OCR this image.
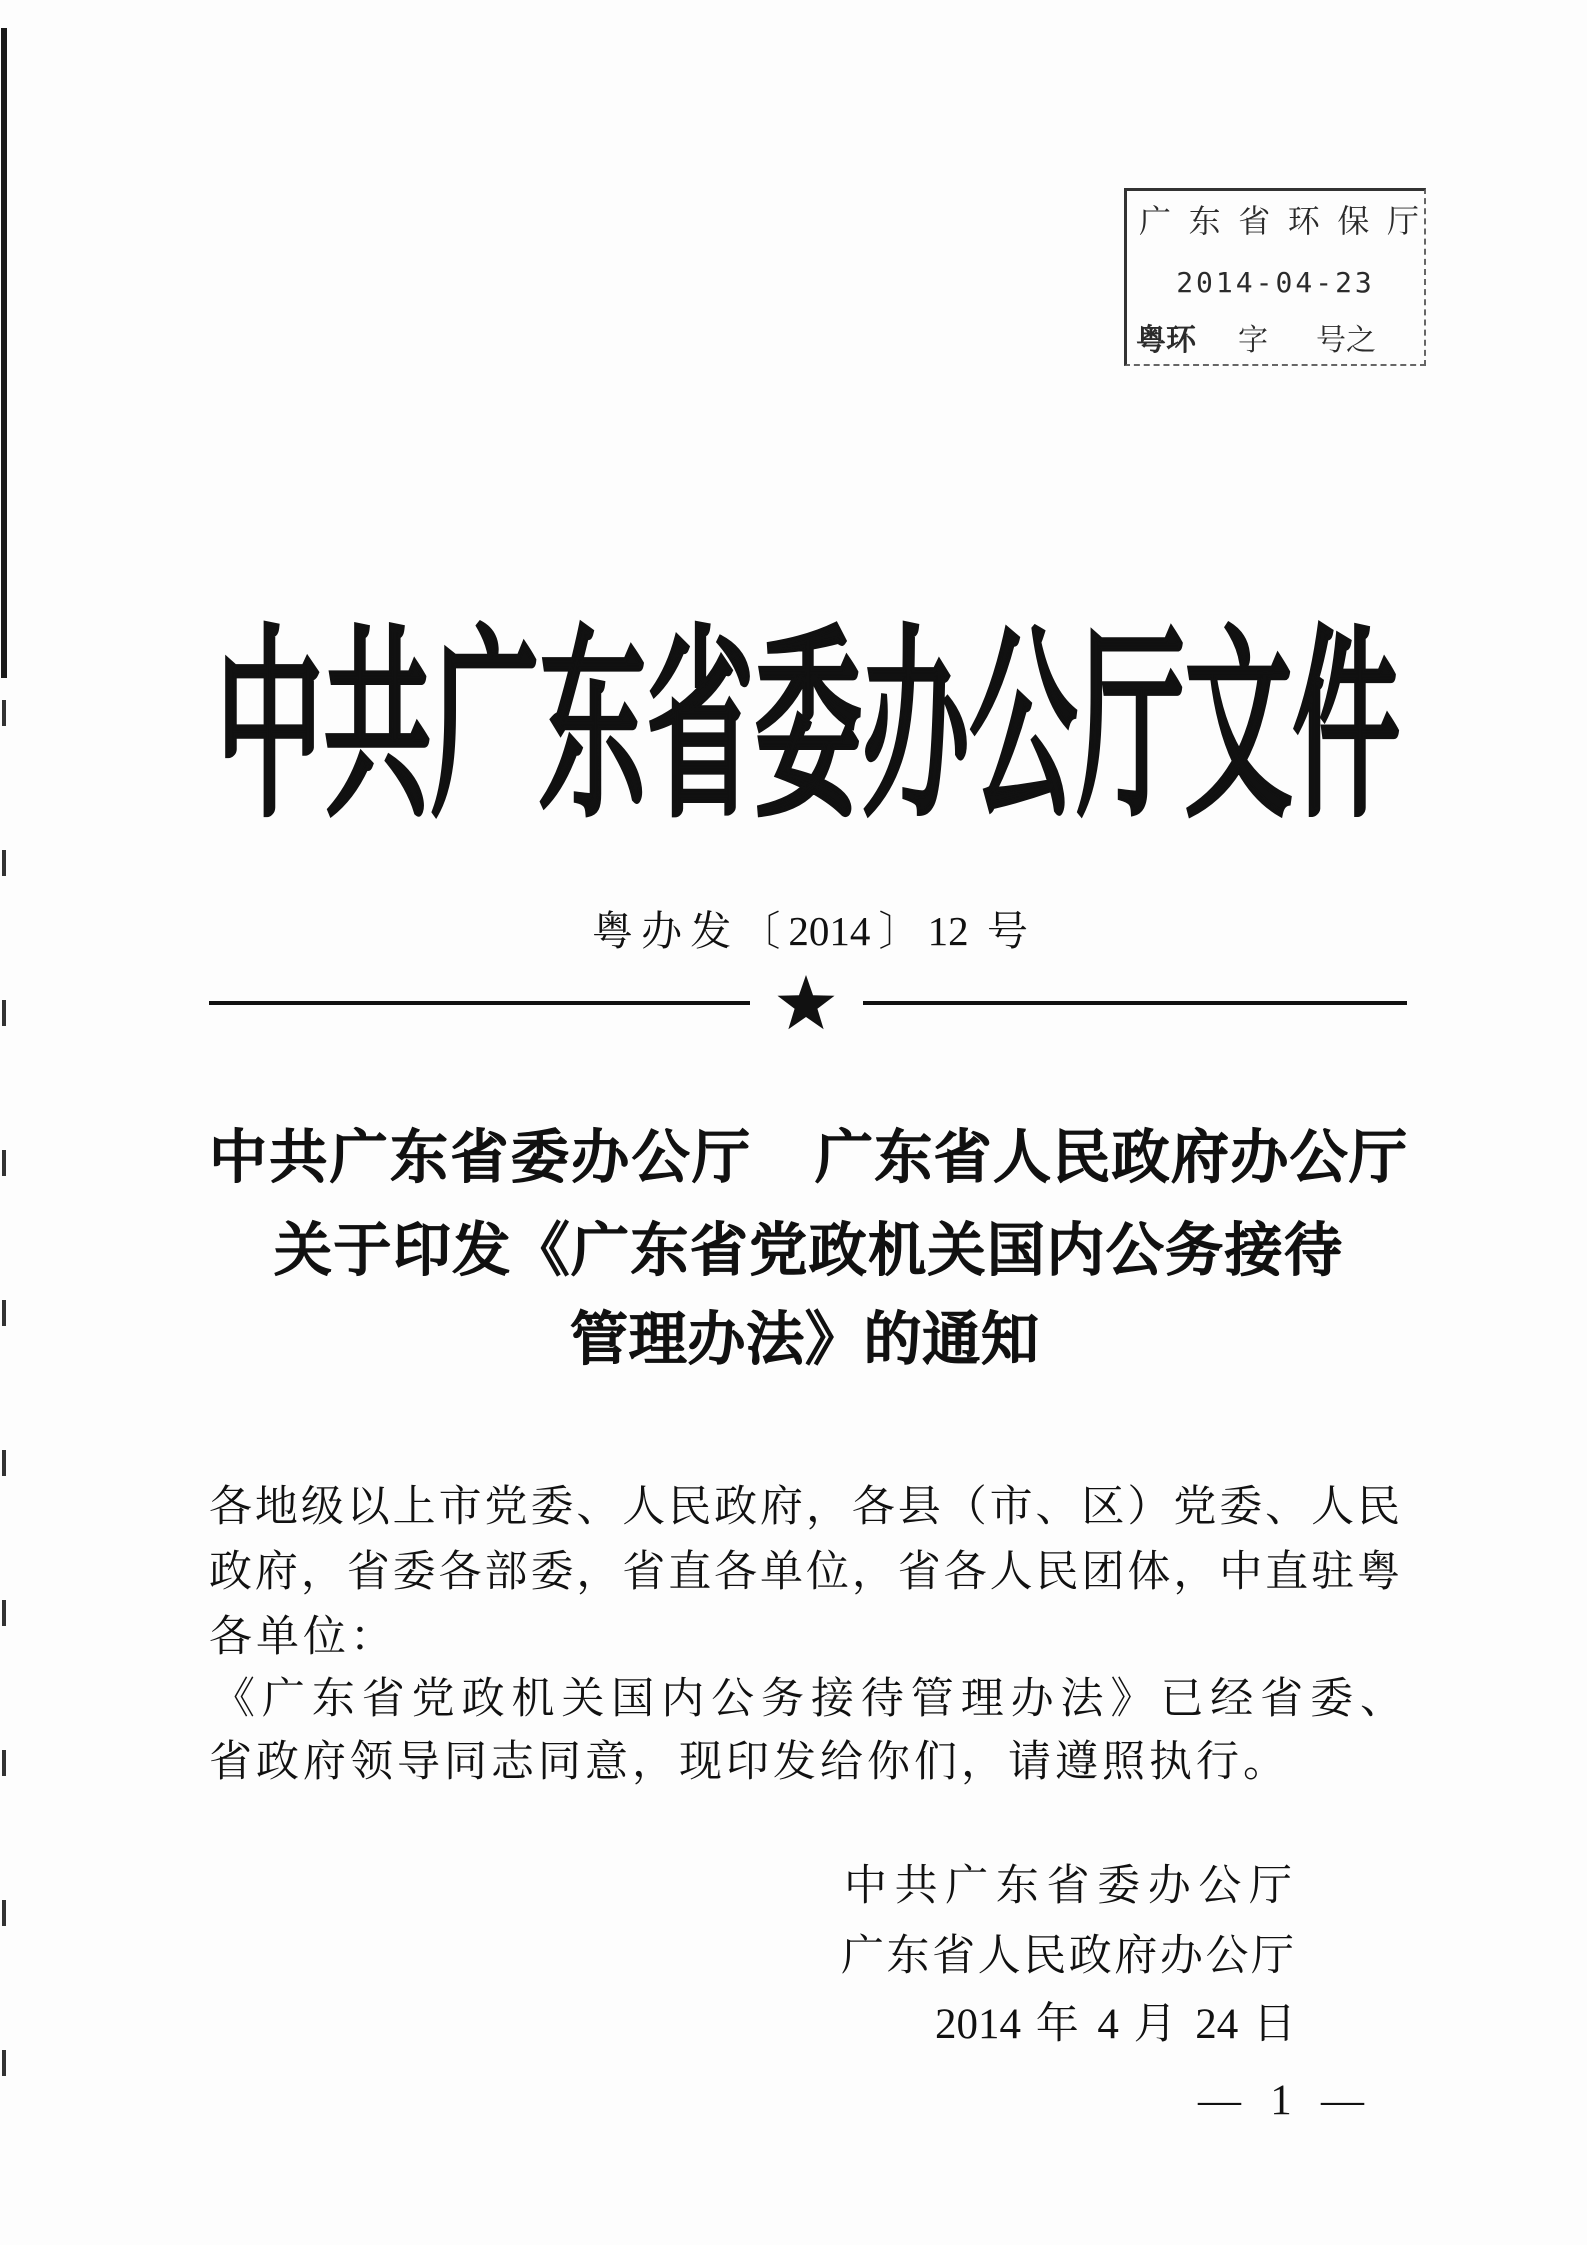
广东省环保厅
2014-04-23
粤环 字 号之
中共广东省委办公厅文件
粤办发〔2014〕12 号
中共广东省委办公厅 广东省人民政府办公厅
关于印发《广东省党政机关国内公务接待
管理办法》的通知
各地级以上市党委、人民政府，各县（市、区）党委、人民
政府，省委各部委，省直各单位，省各人民团体，中直驻粤
各单位：
《广东省党政机关国内公务接待管理办法》已经省委、
省政府领导同志同意，现印发给你们，请遵照执行。
中共广东省委办公厅
广东省人民政府办公厅
2014 年 4 月 24 日
— 1 —
